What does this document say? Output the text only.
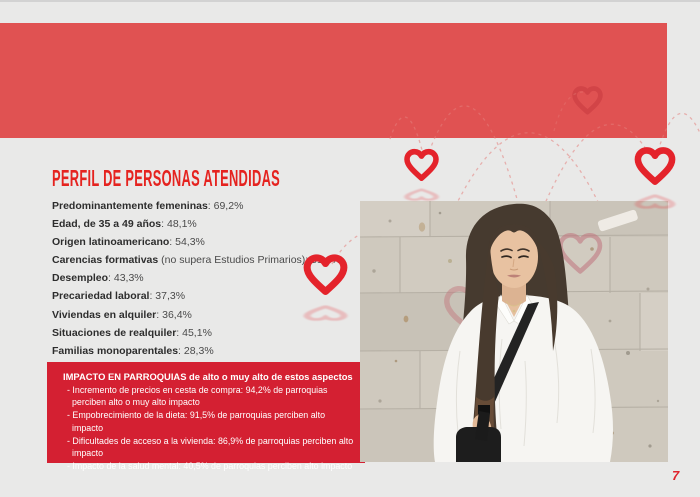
PERFIL DE PERSONAS ATENDIDAS
Predominantemente femeninas: 69,2%
Edad, de 35 a 49 años: 48,1%
Origen latinoamericano: 54,3%
Carencias formativas (no supera Estudios Primarios): 51,4%
Desempleo: 43,3%
Precariedad laboral: 37,3%
Viviendas en alquiler: 36,4%
Situaciones de realquiler: 45,1%
Familias monoparentales: 28,3%
IMPACTO EN PARROQUIAS de alto o muy alto de estos aspectos
- Incremento de precios en cesta de compra: 94,2% de parroquias perciben alto o muy alto impacto
- Empobrecimiento de la dieta: 91,5% de parroquias perciben alto impacto
- Dificultades de acceso a la vivienda: 86,9% de parroquias perciben alto impacto
- Impacto de la salud mental: 40,5% de parroquias perciben alto impacto
7
